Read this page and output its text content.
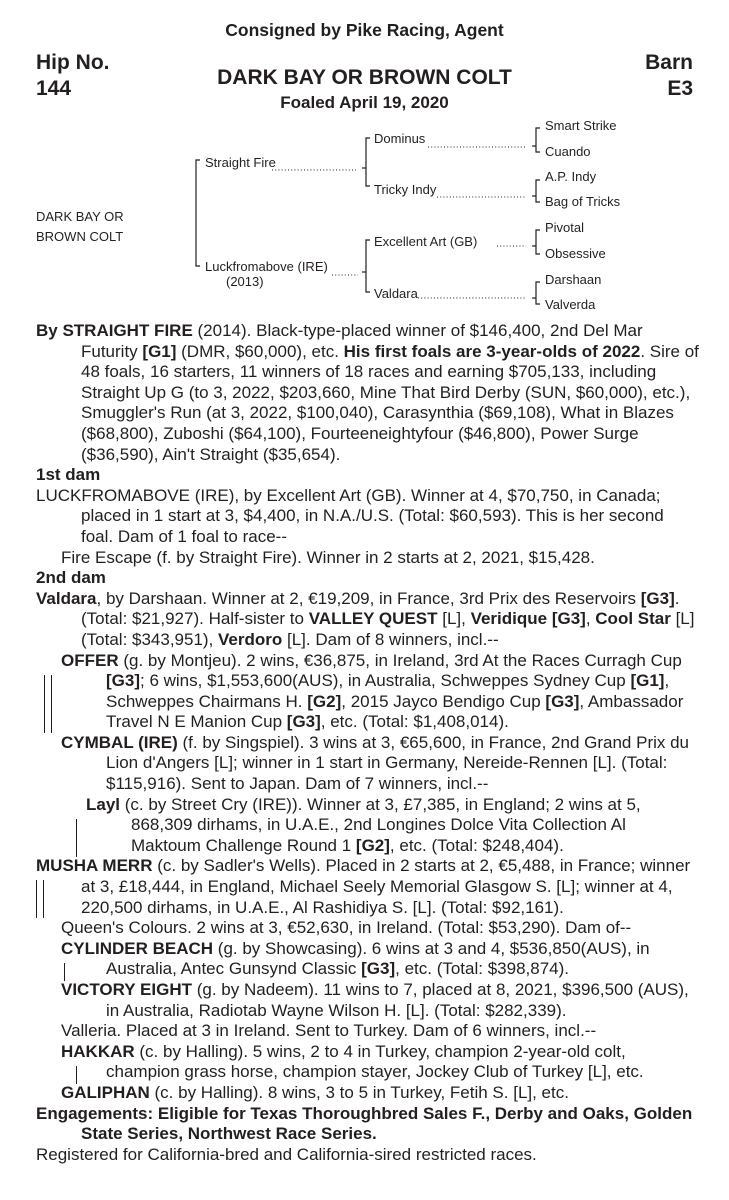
Consigned by Pike Racing, Agent
Hip No.
144
Barn
E3
DARK BAY OR BROWN COLT
Foaled April 19, 2020
DARK BAY OR
BROWN COLT
Straight Fire
Luckfromabove (IRE)
(2013)
Dominus
Tricky Indy
Excellent Art (GB)
Valdara
Smart Strike
Cuando
A.P. Indy
Bag of Tricks
Pivotal
Obsessive
Darshaan
Valverda

By STRAIGHT FIRE (2014). Black-type-placed winner of $146,400, 2nd Del Mar Futurity [G1] (DMR, $60,000), etc. His first foals are 3-year-olds of 2022. Sire of 48 foals, 16 starters, 11 winners of 18 races and earning $705,133, including Straight Up G (to 3, 2022, $203,660, Mine That Bird Derby (SUN, $60,000), etc.), Smuggler's Run (at 3, 2022, $100,040), Carasynthia ($69,108), What in Blazes ($68,800), Zuboshi ($64,100), Fourteeneightyfour ($46,800), Power Surge ($36,590), Ain't Straight ($35,654).

1st dam

LUCKFROMABOVE (IRE), by Excellent Art (GB). Winner at 4, $70,750, in Canada; placed in 1 start at 3, $4,400, in N.A./U.S. (Total: $60,593). This is her second foal. Dam of 1 foal to race--

Fire Escape (f. by Straight Fire). Winner in 2 starts at 2, 2021, $15,428.

2nd dam

Valdara, by Darshaan. Winner at 2, €19,209, in France, 3rd Prix des Reservoirs [G3]. (Total: $21,927). Half-sister to VALLEY QUEST [L], Veridique [G3], Cool Star [L] (Total: $343,951), Verdoro [L]. Dam of 8 winners, incl.--

OFFER (g. by Montjeu). 2 wins, €36,875, in Ireland, 3rd At the Races Curragh Cup [G3]; 6 wins, $1,553,600(AUS), in Australia, Schweppes Sydney Cup [G1], Schweppes Chairmans H. [G2], 2015 Jayco Bendigo Cup [G3], Ambassador Travel N E Manion Cup [G3], etc. (Total: $1,408,014).

CYMBAL (IRE) (f. by Singspiel). 3 wins at 3, €65,600, in France, 2nd Grand Prix du Lion d'Angers [L]; winner in 1 start in Germany, Nereide-Rennen [L]. (Total: $115,916). Sent to Japan. Dam of 7 winners, incl.--

Layl (c. by Street Cry (IRE)). Winner at 3, £7,385, in England; 2 wins at 5, 868,309 dirhams, in U.A.E., 2nd Longines Dolce Vita Collection Al Maktoum Challenge Round 1 [G2], etc. (Total: $248,404).

MUSHA MERR (c. by Sadler's Wells). Placed in 2 starts at 2, €5,488, in France; winner at 3, £18,444, in England, Michael Seely Memorial Glasgow S. [L]; winner at 4, 220,500 dirhams, in U.A.E., Al Rashidiya S. [L]. (Total: $92,161).

Queen's Colours. 2 wins at 3, €52,630, in Ireland. (Total: $53,290). Dam of--

CYLINDER BEACH (g. by Showcasing). 6 wins at 3 and 4, $536,850(AUS), in Australia, Antec Gunsynd Classic [G3], etc. (Total: $398,874).

VICTORY EIGHT (g. by Nadeem). 11 wins to 7, placed at 8, 2021, $396,500 (AUS), in Australia, Radiotab Wayne Wilson H. [L]. (Total: $282,339).

Valleria. Placed at 3 in Ireland. Sent to Turkey. Dam of 6 winners, incl.--

HAKKAR (c. by Halling). 5 wins, 2 to 4 in Turkey, champion 2-year-old colt, champion grass horse, champion stayer, Jockey Club of Turkey [L], etc.

GALIPHAN (c. by Halling). 8 wins, 3 to 5 in Turkey, Fetih S. [L], etc.

Engagements: Eligible for Texas Thoroughbred Sales F., Derby and Oaks, Golden State Series, Northwest Race Series.

Registered for California-bred and California-sired restricted races.
